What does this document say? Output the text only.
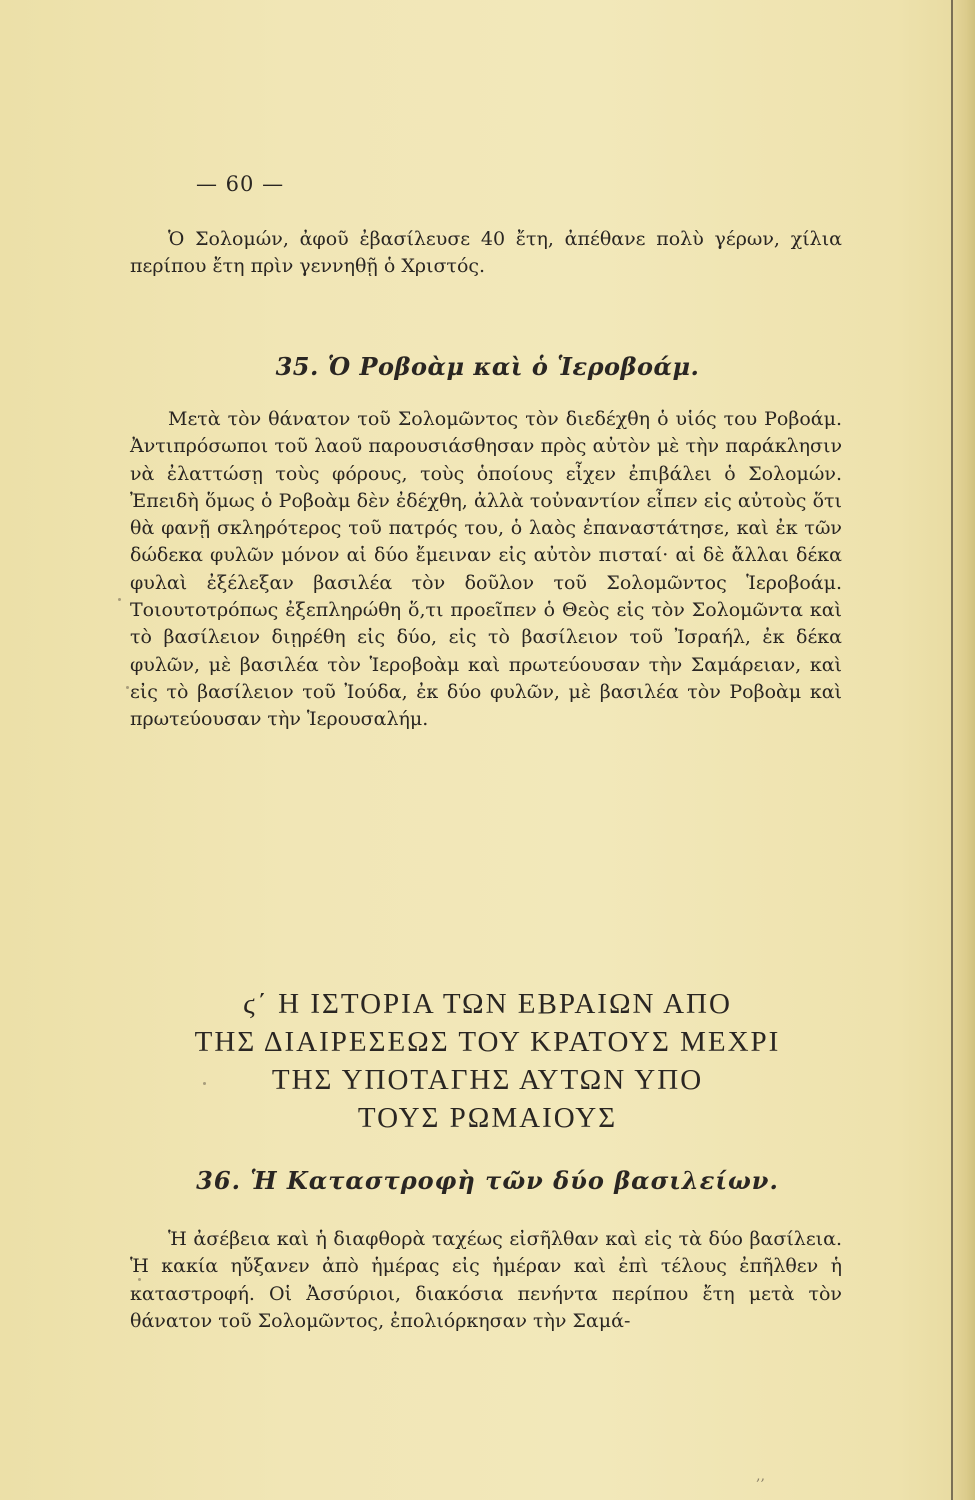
— 60 —

Ὁ Σολομών, ἀφοῦ ἐβασίλευσε 40 ἔτη, ἀπέθανε πολὺ γέρων, χίλια περίπου ἔτη πρὶν γεννηθῇ ὁ Χριστός.

35. Ὁ Ροβοὰμ καὶ ὁ Ἱεροβοάμ.

Μετὰ τὸν θάνατον τοῦ Σολομῶντος τὸν διεδέχθη ὁ υἱός του Ροβοάμ. Ἀντιπρόσωποι τοῦ λαοῦ παρουσιάσθησαν πρὸς αὐτὸν μὲ τὴν παράκλησιν νὰ ἐλαττώσῃ τοὺς φόρους, τοὺς ὁποίους εἶχεν ἐπιβάλει ὁ Σολομών. Ἐπειδὴ ὅμως ὁ Ροβοὰμ δὲν ἐδέχθη, ἀλλὰ τοὐναντίον εἶπεν εἰς αὐτοὺς ὅτι θὰ φανῇ σκληρότερος τοῦ πατρός του, ὁ λαὸς ἐπαναστάτησε, καὶ ἐκ τῶν δώδεκα φυλῶν μόνον αἱ δύο ἔμειναν εἰς αὐτὸν πισταί· αἱ δὲ ἄλλαι δέκα φυλαὶ ἐξέλεξαν βασιλέα τὸν δοῦλον τοῦ Σολομῶντος Ἱεροβοάμ. Τοιουτοτρόπως ἐξεπληρώθη ὅ,τι προεῖπεν ὁ Θεὸς εἰς τὸν Σολομῶντα καὶ τὸ βασίλειον διῃρέθη εἰς δύο, εἰς τὸ βασίλειον τοῦ Ἰσραήλ, ἐκ δέκα φυλῶν, μὲ βασιλέα τὸν Ἱεροβοὰμ καὶ πρωτεύουσαν τὴν Σαμάρειαν, καὶ εἰς τὸ βασίλειον τοῦ Ἰούδα, ἐκ δύο φυλῶν, μὲ βασιλέα τὸν Ροβοὰμ καὶ πρωτεύουσαν τὴν Ἱερουσαλήμ.

ϛ΄ Η ΙΣΤΟΡΙΑ ΤΩΝ ΕΒΡΑΙΩΝ ΑΠΟ
ΤΗΣ ΔΙΑΙΡΕΣΕΩΣ ΤΟΥ ΚΡΑΤΟΥΣ ΜΕΧΡΙ
ΤΗΣ ΥΠΟΤΑΓΗΣ ΑΥΤΩΝ ΥΠΟ
ΤΟΥΣ ΡΩΜΑΙΟΥΣ
36. Ἡ Καταστροφὴ τῶν δύο βασιλείων.

Ἡ ἀσέβεια καὶ ἡ διαφθορὰ ταχέως εἰσῆλθαν καὶ εἰς τὰ δύο βασίλεια. Ἡ κακία ηὔξανεν ἀπὸ ἡμέρας εἰς ἡμέραν καὶ ἐπὶ τέλους ἐπῆλθεν ἡ καταστροφή. Οἱ Ἀσσύριοι, διακόσια πενήντα περίπου ἔτη μετὰ τὸν θάνατον τοῦ Σολομῶντος, ἐπολιόρκησαν τὴν Σαμά-

‚‚
